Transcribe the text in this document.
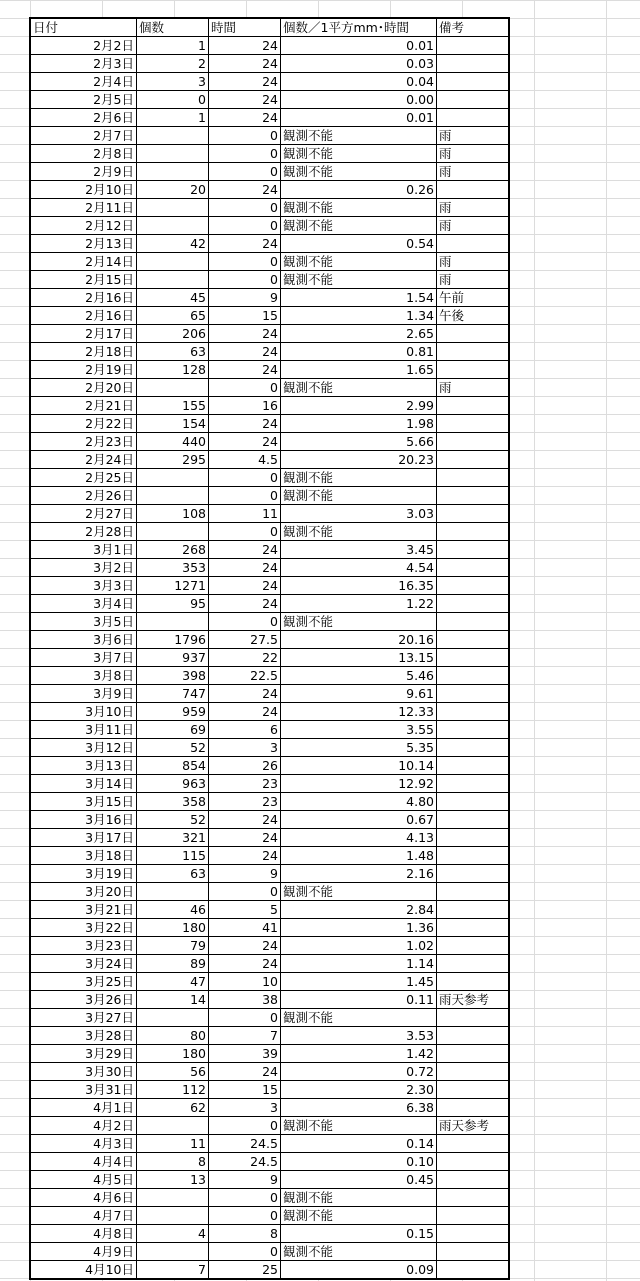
日付	個数	時間	個数／1平方mm･時間	備考
2月2日	1	24	0.01	
2月3日	2	24	0.03	
2月4日	3	24	0.04	
2月5日	0	24	0.00	
2月6日	1	24	0.01	
2月7日		0	観測不能	雨
2月8日		0	観測不能	雨
2月9日		0	観測不能	雨
2月10日	20	24	0.26	
2月11日		0	観測不能	雨
2月12日		0	観測不能	雨
2月13日	42	24	0.54	
2月14日		0	観測不能	雨
2月15日		0	観測不能	雨
2月16日	45	9	1.54	午前
2月16日	65	15	1.34	午後
2月17日	206	24	2.65	
2月18日	63	24	0.81	
2月19日	128	24	1.65	
2月20日		0	観測不能	雨
2月21日	155	16	2.99	
2月22日	154	24	1.98	
2月23日	440	24	5.66	
2月24日	295	4.5	20.23	
2月25日		0	観測不能	
2月26日		0	観測不能	
2月27日	108	11	3.03	
2月28日		0	観測不能	
3月1日	268	24	3.45	
3月2日	353	24	4.54	
3月3日	1271	24	16.35	
3月4日	95	24	1.22	
3月5日		0	観測不能	
3月6日	1796	27.5	20.16	
3月7日	937	22	13.15	
3月8日	398	22.5	5.46	
3月9日	747	24	9.61	
3月10日	959	24	12.33	
3月11日	69	6	3.55	
3月12日	52	3	5.35	
3月13日	854	26	10.14	
3月14日	963	23	12.92	
3月15日	358	23	4.80	
3月16日	52	24	0.67	
3月17日	321	24	4.13	
3月18日	115	24	1.48	
3月19日	63	9	2.16	
3月20日		0	観測不能	
3月21日	46	5	2.84	
3月22日	180	41	1.36	
3月23日	79	24	1.02	
3月24日	89	24	1.14	
3月25日	47	10	1.45	
3月26日	14	38	0.11	雨天参考
3月27日		0	観測不能	
3月28日	80	7	3.53	
3月29日	180	39	1.42	
3月30日	56	24	0.72	
3月31日	112	15	2.30	
4月1日	62	3	6.38	
4月2日		0	観測不能	雨天参考
4月3日	11	24.5	0.14	
4月4日	8	24.5	0.10	
4月5日	13	9	0.45	
4月6日		0	観測不能	
4月7日		0	観測不能	
4月8日	4	8	0.15	
4月9日		0	観測不能	
4月10日	7	25	0.09	
